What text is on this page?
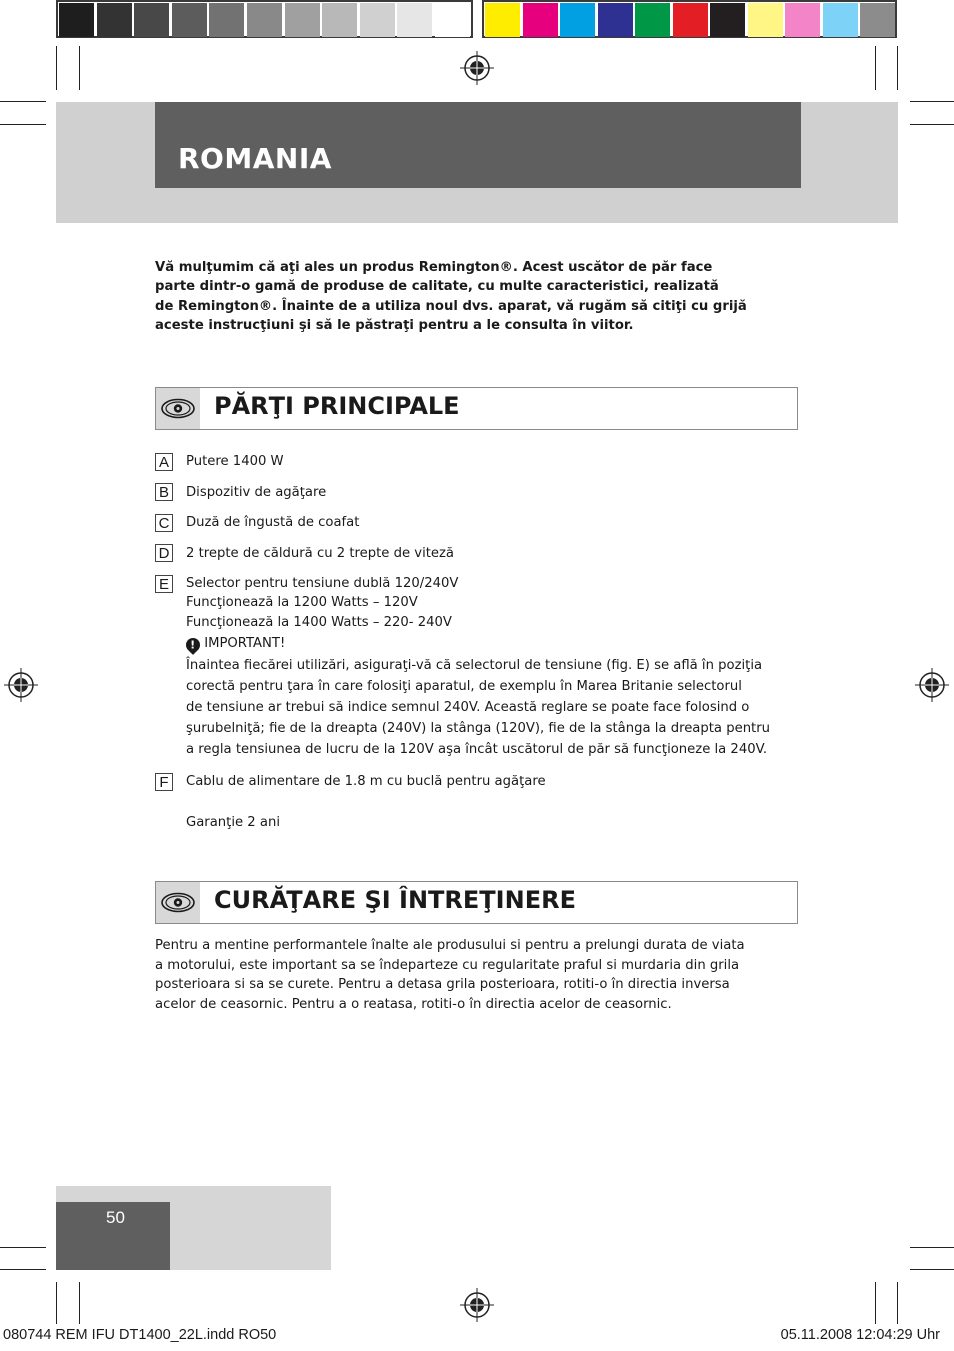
ROMANIA
Vă mulţumim că aţi ales un produs Remington®. Acest uscător de păr face
parte dintr-o gamă de produse de calitate, cu multe caracteristici, realizată
de Remington®. Înainte de a utiliza noul dvs. aparat, vă rugăm să citiţi cu grijă
aceste instrucţiuni şi să le păstraţi pentru a le consulta în viitor.
PĂRŢI PRINCIPALE
A	Putere 1400 W
B	Dispozitiv de agăţare
C Duză de îngustă de coafat
D 2 trepte de căldură cu 2 trepte de viteză
E	Selector pentru tensiune dublă 120/240V
Funcţionează la 1200 Watts – 120V
Funcţionează la 1400 Watts – 220- 240V
! IMPORTANT!
Înaintea fiecărei utilizări, asiguraţi-vă că selectorul de tensiune (fig. E) se află în poziţia
corectă pentru ţara în care folosiţi aparatul, de exemplu în Marea Britanie selectorul
de tensiune ar trebui să indice semnul 240V. Această reglare se poate face folosind o
şurubelniţă; fie de la dreapta (240V) la stânga (120V), fie de la stânga la dreapta pentru
a regla tensiunea de lucru de la 120V aşa încât uscătorul de păr să funcţioneze la 240V.
F	Cablu de alimentare de 1.8 m cu buclă pentru agăţare
Garanţie 2 ani
CURĂŢARE ŞI ÎNTREŢINERE
Pentru a mentine performantele înalte ale produsului si pentru a prelungi durata de viata
a motorului, este important sa se îndeparteze cu regularitate praful si murdaria din grila
posterioara si sa se curete. Pentru a detasa grila posterioara, rotiti-o în directia inversa
acelor de ceasornic. Pentru a o reatasa, rotiti-o în directia acelor de ceasornic.
50
080744 REM IFU DT1400_22L.indd RO50	05.11.2008 12:04:29 Uhr
